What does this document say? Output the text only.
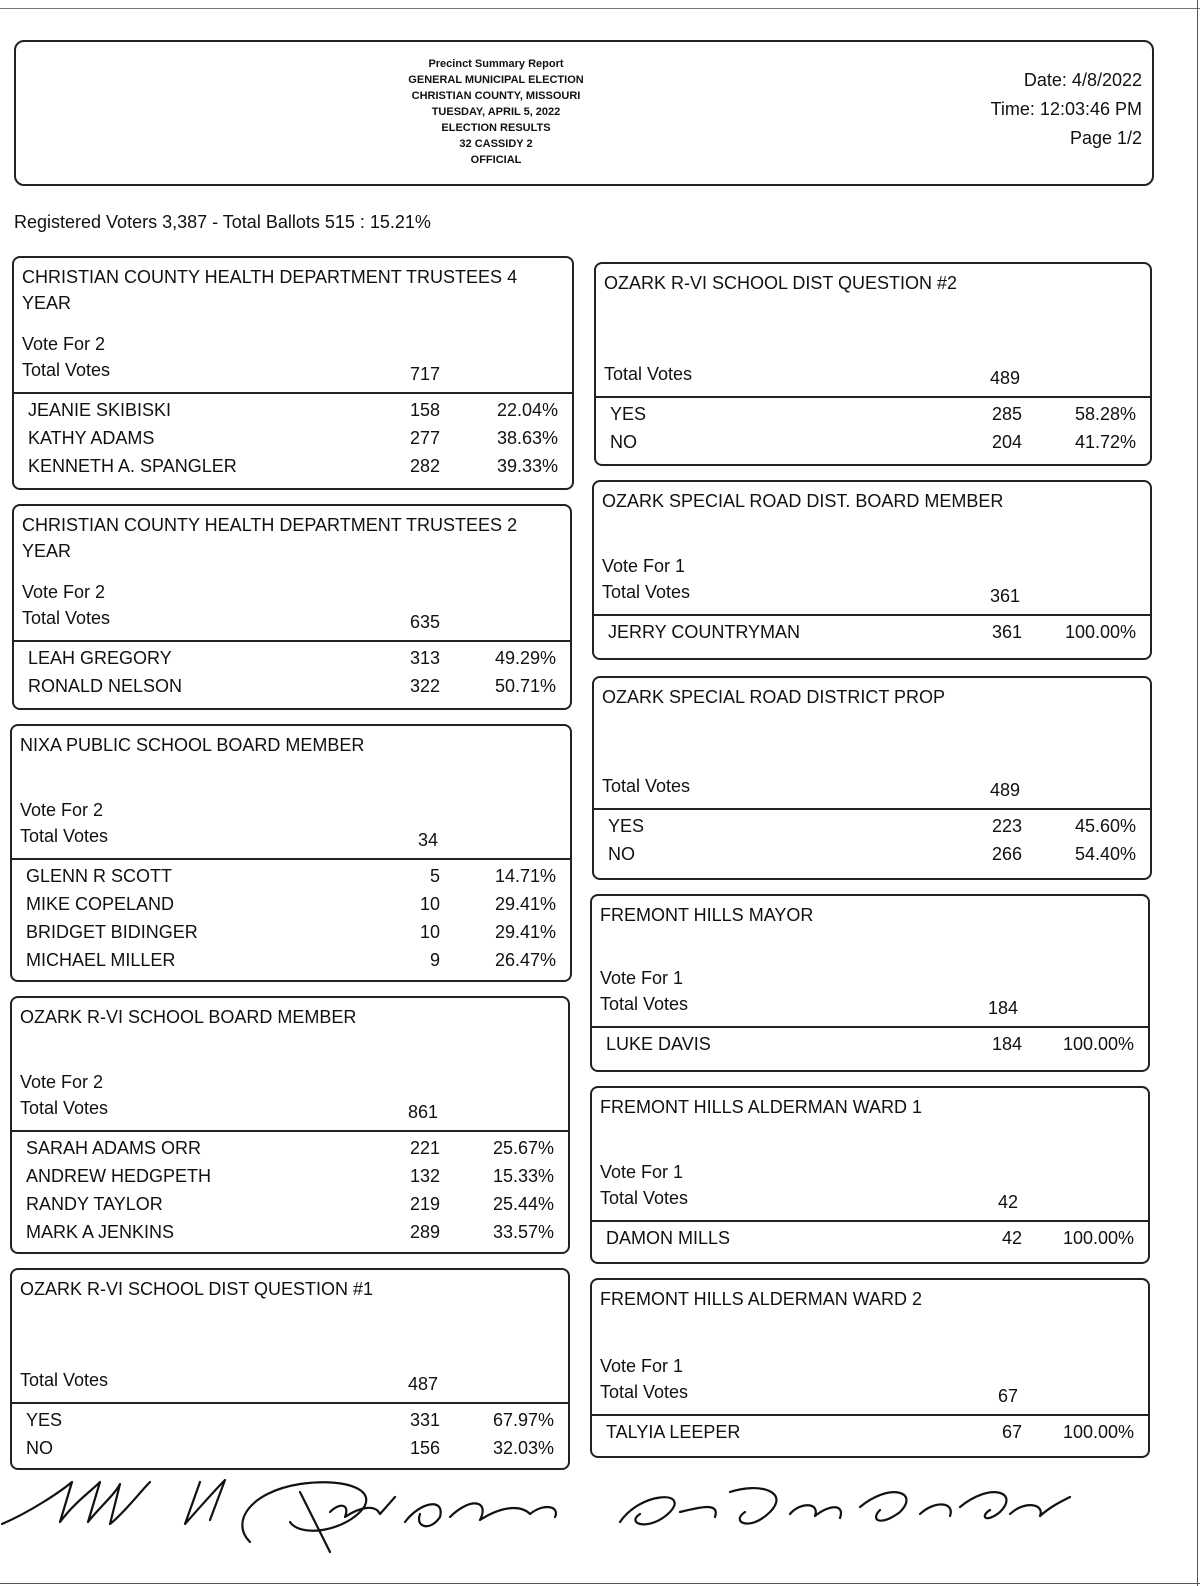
Precinct Summary Report
GENERAL MUNICIPAL ELECTION
CHRISTIAN COUNTY, MISSOURI
TUESDAY, APRIL 5, 2022
ELECTION RESULTS
32 CASSIDY 2
OFFICIAL
Date: 4/8/2022
Time: 12:03:46 PM
Page 1/2
Registered Voters 3,387 - Total Ballots 515 : 15.21%
CHRISTIAN COUNTY HEALTH DEPARTMENT TRUSTEES 4 YEAR
Vote For 2
Total Votes	717
JEANIE SKIBISKI	158	22.04%
KATHY ADAMS	277	38.63%
KENNETH A. SPANGLER	282	39.33%
CHRISTIAN COUNTY HEALTH DEPARTMENT TRUSTEES 2 YEAR
Vote For 2
Total Votes	635
LEAH GREGORY	313	49.29%
RONALD NELSON	322	50.71%
NIXA PUBLIC SCHOOL BOARD MEMBER
Vote For 2
Total Votes	34
GLENN R SCOTT	5	14.71%
MIKE COPELAND	10	29.41%
BRIDGET BIDINGER	10	29.41%
MICHAEL MILLER	9	26.47%
OZARK R-VI SCHOOL BOARD MEMBER
Vote For 2
Total Votes	861
SARAH ADAMS ORR	221	25.67%
ANDREW HEDGPETH	132	15.33%
RANDY TAYLOR	219	25.44%
MARK A JENKINS	289	33.57%
OZARK R-VI SCHOOL DIST QUESTION #1
Total Votes	487
YES	331	67.97%
NO	156	32.03%
OZARK R-VI SCHOOL DIST QUESTION #2
Total Votes	489
YES	285	58.28%
NO	204	41.72%
OZARK SPECIAL ROAD DIST. BOARD MEMBER
Vote For 1
Total Votes	361
JERRY COUNTRYMAN	361 100.00%
OZARK SPECIAL ROAD DISTRICT PROP
Total Votes	489
YES	223	45.60%
NO	266	54.40%
FREMONT HILLS MAYOR
Vote For 1
Total Votes	184
LUKE DAVIS	184 100.00%
FREMONT HILLS ALDERMAN WARD 1
Vote For 1
Total Votes	42
DAMON MILLS	42 100.00%
FREMONT HILLS ALDERMAN WARD 2
Vote For 1
Total Votes	67
TALYIA LEEPER	67 100.00%
